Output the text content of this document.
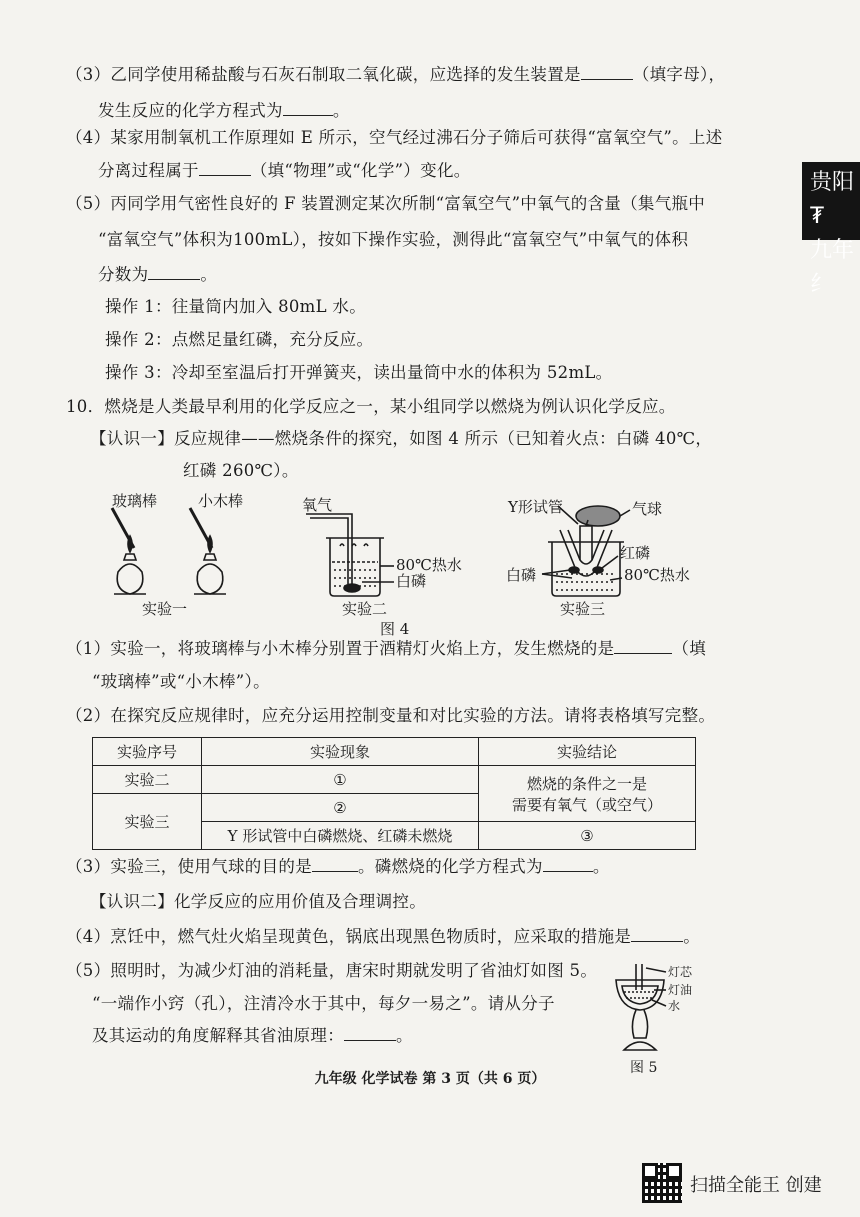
贵阳₮
九年纟
（3）乙同学使用稀盐酸与石灰石制取二氧化碳，应选择的发生装置是	（填字母），
发生反应的化学方程式为	。
（4）某家用制氧机工作原理如 E 所示，空气经过沸石分子筛后可获得“富氧空气”。上述
分离过程属于	（填“物理”或“化学”）变化。
（5）丙同学用气密性良好的 F 装置测定某次所制“富氧空气”中氧气的含量（集气瓶中
“富氧空气”体积为100mL），按如下操作实验，测得此“富氧空气”中氧气的体积
分数为	。
操作 1：往量筒内加入 80mL 水。
操作 2：点燃足量红磷，充分反应。
操作 3：冷却至室温后打开弹簧夹，读出量筒中水的体积为 52mL。
10．燃烧是人类最早利用的化学反应之一，某小组同学以燃烧为例认识化学反应。
【认识一】反应规律——燃烧条件的探究，如图 4 所示（已知着火点：白磷 40℃，
红磷 260℃）。
玻璃棒	小木棒	氧气
80℃热水
白磷
Y形试管	气球
红磷
白磷	80℃热水
实验一	实验二	实验三
图 4
（1）实验一，将玻璃棒与小木棒分别置于酒精灯火焰上方，发生燃烧的是	（填
“玻璃棒”或“小木棒”）。
（2）在探究反应规律时，应充分运用控制变量和对比实验的方法。请将表格填写完整。
实验序号	实验现象	实验结论
实验二	①	燃烧的条件之一是
需要有氧气（或空气）

实验三	②	
	Y 形试管中白磷燃烧、红磷未燃烧	③
（3）实验三，使用气球的目的是	。磷燃烧的化学方程式为	。
【认识二】化学反应的应用价值及合理调控。
（4）烹饪中，燃气灶火焰呈现黄色，锅底出现黑色物质时，应采取的措施是	。
（5）照明时，为减少灯油的消耗量，唐宋时期就发明了省油灯如图 5。
“一端作小窍（孔），注清冷水于其中，每夕一易之”。请从分子
及其运动的角度解释其省油原理：	。
灯芯
灯油
水
图 5
九年级 化学试卷 第 3 页（共 6 页）
扫描全能王 创建
